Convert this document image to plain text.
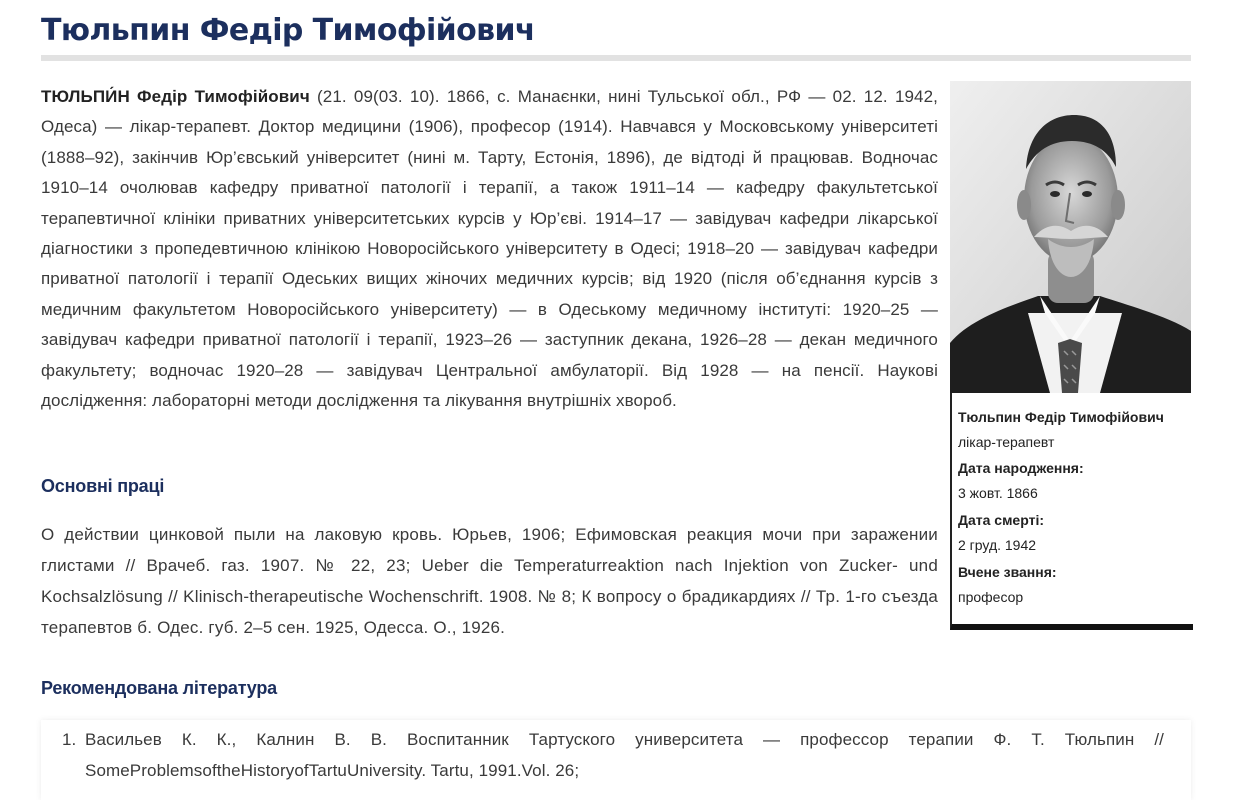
Тюльпин Федір Тимофійович

ТЮЛЬПИ́Н Федір Тимофійович (21. 09(03. 10). 1866, с. Манаєнки, нині Тульської обл., РФ — 02. 12. 1942, Одеса) — лікар-терапевт. Доктор медицини (1906), професор (1914). Навчався у Московському університеті (1888–92), закінчив Юр’євський університет (нині м. Тарту, Естонія, 1896), де відтоді й працював. Водночас 1910–14 очолював кафедру приватної патології і терапії, а також 1911–14 — кафедру факультетської терапевтичної клініки приватних університетських курсів у Юр’єві. 1914–17 — завідувач кафедри лікарської діагностики з пропедевтичною клінікою Новоросійського університету в Одесі; 1918–20 — завідувач кафедри приватної патології і терапії Одеських вищих жіночих медичних курсів; від 1920 (після об’єднання курсів з медичним факультетом Новоросійського університету) — в Одеському медичному інституті: 1920–25 — завідувач кафедри приватної патології і терапії, 1923–26 — заступник декана, 1926–28 — декан медичного факультету; водночас 1920–28 — завідувач Центральної амбулаторії. Від 1928 — на пенсії. Наукові дослідження: лабораторні методи дослідження та лікування внутрішніх хвороб.

Основні праці

О действии цинковой пыли на лаковую кровь. Юрьев, 1906; Ефимовская реакция мочи при заражении глистами // Врачеб. газ. 1907. № 22, 23; Ueber die Temperaturreaktion nach Injektion von Zucker- und Kochsalzlösung // Klinisch-therapeutische Wochenschrift. 1908. № 8; К вопросу о брадикардиях // Тр. 1-го съезда терапевтов б. Одес. губ. 2–5 сен. 1925, Одесса. О., 1926.

Рекомендована література
1. Васильев К. К., Калнин В. В. Воспитанник Тартуского университета — профессор терапии Ф. Т. Тюльпин // SomeProblemsoftheHistoryofTartuUniversity. Tartu, 1991.Vol. 26;
Тюльпин Федір Тимофійович
лікар-терапевт
Дата народження:
3 жовт. 1866
Дата смерті:
2 груд. 1942
Вчене звання:
професор
